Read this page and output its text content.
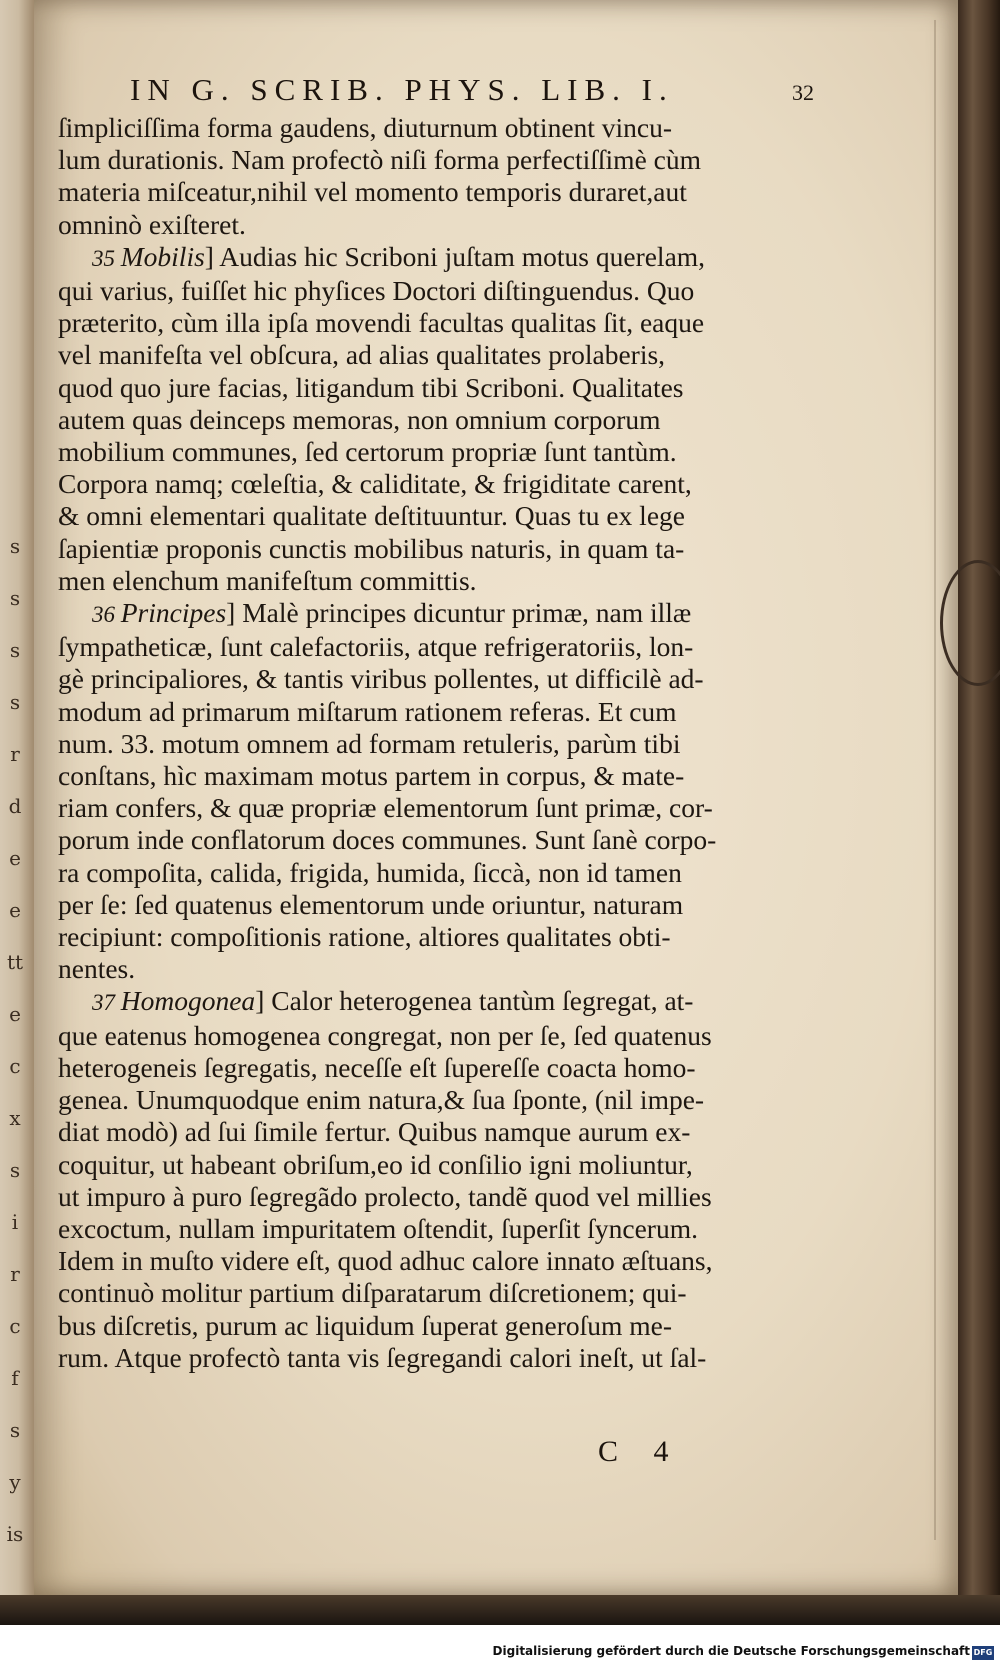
s
s
s
s
r
d
e
e
tt
e
c
x
s
i
r
c
f
s
y
is
IN G. SCRIB. PHYS. LIB. I.	32

ſimpliciſſima forma gaudens, diuturnum obtinent vincu-
lum durationis. Nam profectò niſi forma perfectiſſimè cùm
materia miſceatur,nihil vel momento temporis duraret,aut
omninò exiſteret.

35 Mobilis] Audias hic Scriboni juſtam motus querelam,
qui varius, fuiſſet hic phyſices Doctori diſtinguendus. Quo
præterito, cùm illa ipſa movendi facultas qualitas ſit, eaque
vel manifeſta vel obſcura, ad alias qualitates prolaberis,
quod quo jure facias, litigandum tibi Scriboni. Qualitates
autem quas deinceps memoras, non omnium corporum
mobilium communes, ſed certorum propriæ ſunt tantùm.
Corpora namq; cœleſtia, & caliditate, & frigiditate carent,
& omni elementari qualitate deſtituuntur. Quas tu ex lege
ſapientiæ proponis cunctis mobilibus naturis, in quam ta-
men elenchum manifeſtum committis.

36 Principes] Malè principes dicuntur primæ, nam illæ
ſympatheticæ, ſunt calefactoriis, atque refrigeratoriis, lon-
gè principaliores, & tantis viribus pollentes, ut difficilè ad-
modum ad primarum miſtarum rationem referas. Et cum
num. 33. motum omnem ad formam retuleris, parùm tibi
conſtans, hìc maximam motus partem in corpus, & mate-
riam confers, & quæ propriæ elementorum ſunt primæ, cor-
porum inde conflatorum doces communes. Sunt ſanè corpo-
ra compoſita, calida, frigida, humida, ſiccà, non id tamen
per ſe: ſed quatenus elementorum unde oriuntur, naturam
recipiunt: compoſitionis ratione, altiores qualitates obti-
nentes.

37 Homogonea] Calor heterogenea tantùm ſegregat, at-
que eatenus homogenea congregat, non per ſe, ſed quatenus
heterogeneis ſegregatis, neceſſe eſt ſupereſſe coacta homo-
genea. Unumquodque enim natura,& ſua ſponte, (nil impe-
diat modò) ad ſui ſimile fertur. Quibus namque aurum ex-
coquitur, ut habeant obriſum,eo id conſilio igni moliuntur,
ut impuro à puro ſegregãdo prolecto, tandẽ quod vel millies
excoctum, nullam impuritatem oſtendit, ſuperſit ſyncerum.
Idem in muſto videre eſt, quod adhuc calore innato æſtuans,
continuò molitur partium diſparatarum diſcretionem; qui-
bus diſcretis, purum ac liquidum ſuperat generoſum me-
rum. Atque profectò tanta vis ſegregandi calori ineſt, ut ſal-

C 4
Digitalisierung gefördert durch die Deutsche Forschungsgemeinschaft DFG
